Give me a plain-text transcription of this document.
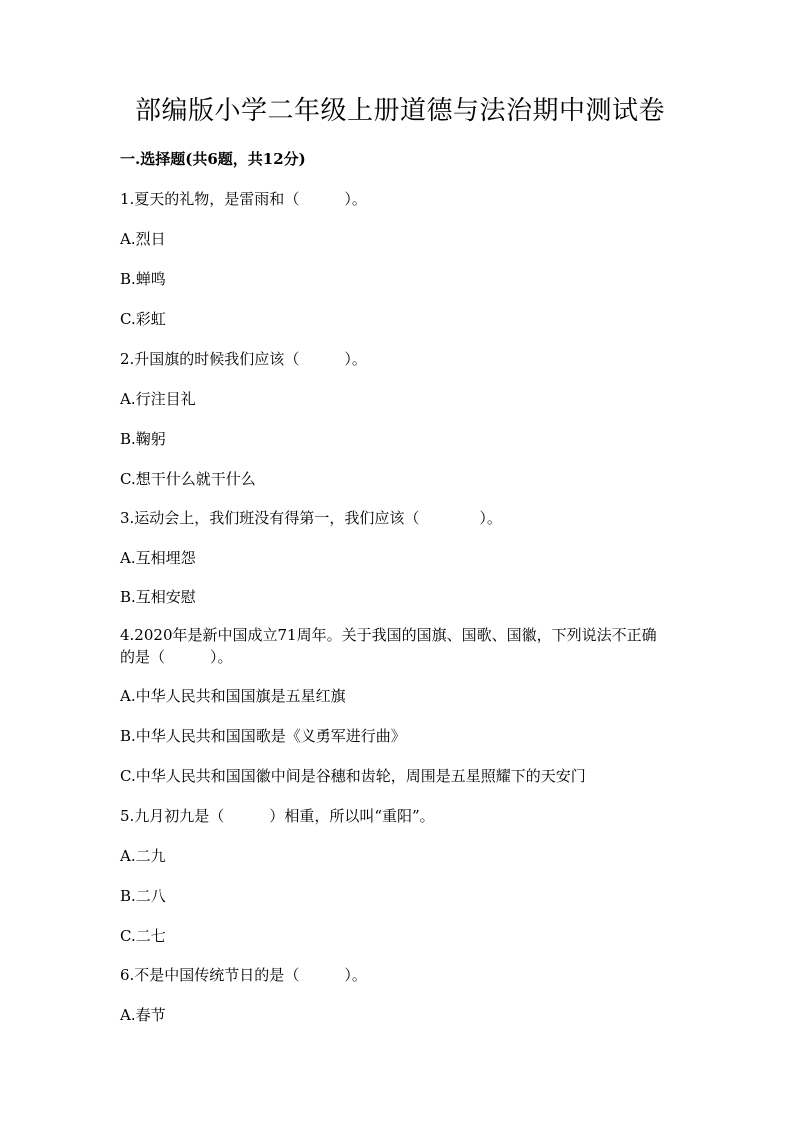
部编版小学二年级上册道德与法治期中测试卷
一.选择题(共6题，共12分)
1.夏天的礼物，是雷雨和（　　　）。
A.烈日
B.蝉鸣
C.彩虹
2.升国旗的时候我们应该（　　　）。
A.行注目礼
B.鞠躬
C.想干什么就干什么
3.运动会上，我们班没有得第一，我们应该（　　　　）。
A.互相埋怨
B.互相安慰
4.2020年是新中国成立71周年。关于我国的国旗、国歌、国徽，下列说法不正确的是（　　　）。
A.中华人民共和国国旗是五星红旗
B.中华人民共和国国歌是《义勇军进行曲》
C.中华人民共和国国徽中间是谷穗和齿轮，周围是五星照耀下的天安门
5.九月初九是（　　　）相重，所以叫“重阳”。
A.二九
B.二八
C.二七
6.不是中国传统节日的是（　　　）。
A.春节
